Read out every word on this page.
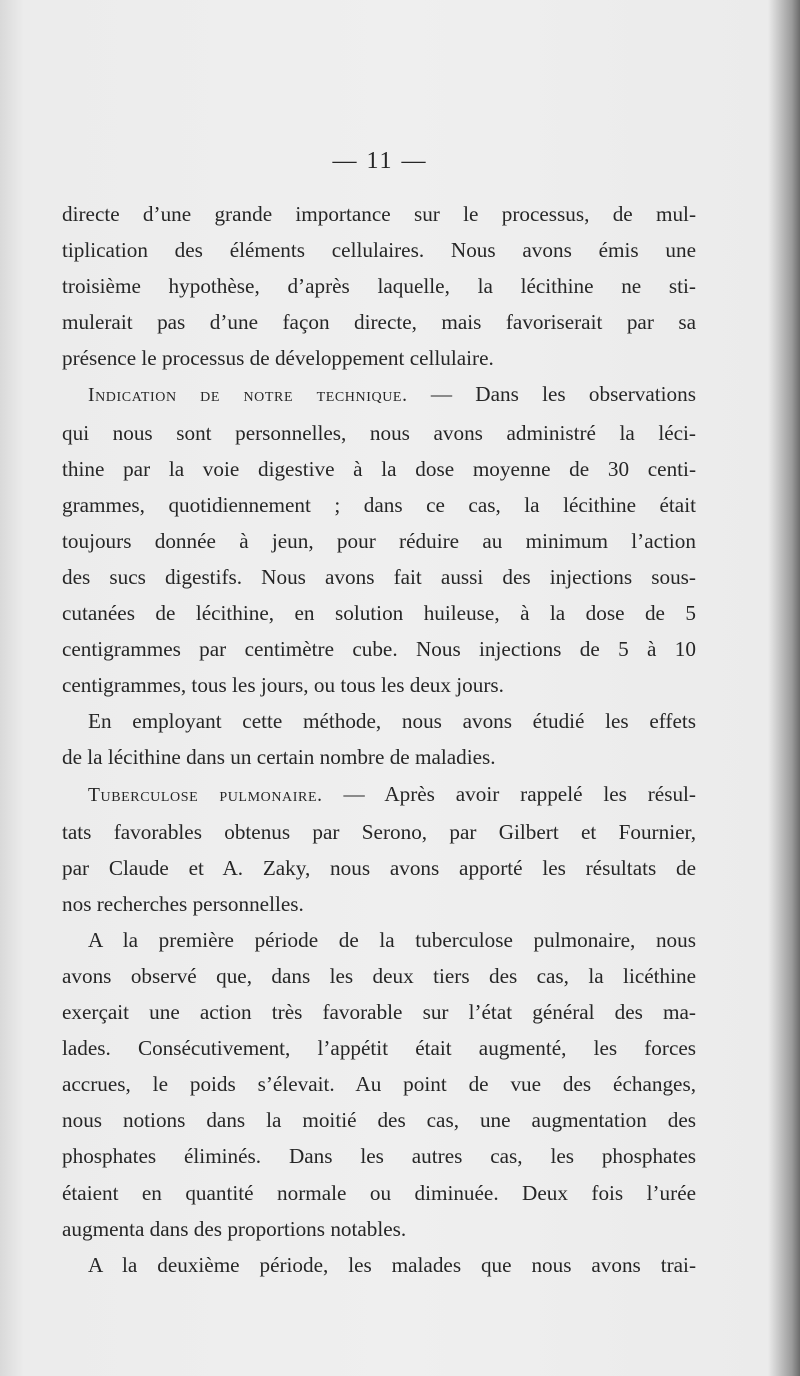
— 11 —
directe d’une grande importance sur le processus, de mul-
tiplication des éléments cellulaires. Nous avons émis une
troisième hypothèse, d’après laquelle, la lécithine ne sti-
mulerait pas d’une façon directe, mais favoriserait par sa
présence le processus de développement cellulaire.
Indication de notre technique. — Dans les observations
qui nous sont personnelles, nous avons administré la léci-
thine par la voie digestive à la dose moyenne de 30 centi-
grammes, quotidiennement ; dans ce cas, la lécithine était
toujours donnée à jeun, pour réduire au minimum l’action
des sucs digestifs. Nous avons fait aussi des injections sous-
cutanées de lécithine, en solution huileuse, à la dose de 5
centigrammes par centimètre cube. Nous injections de 5 à 10
centigrammes, tous les jours, ou tous les deux jours.
En employant cette méthode, nous avons étudié les effets
de la lécithine dans un certain nombre de maladies.
Tuberculose pulmonaire. — Après avoir rappelé les résul-
tats favorables obtenus par Serono, par Gilbert et Fournier,
par Claude et A. Zaky, nous avons apporté les résultats de
nos recherches personnelles.
A la première période de la tuberculose pulmonaire, nous
avons observé que, dans les deux tiers des cas, la licéthine
exerçait une action très favorable sur l’état général des ma-
lades. Consécutivement, l’appétit était augmenté, les forces
accrues, le poids s’élevait. Au point de vue des échanges,
nous notions dans la moitié des cas, une augmentation des
phosphates éliminés. Dans les autres cas, les phosphates
étaient en quantité normale ou diminuée. Deux fois l’urée
augmenta dans des proportions notables.
A la deuxième période, les malades que nous avons trai-
